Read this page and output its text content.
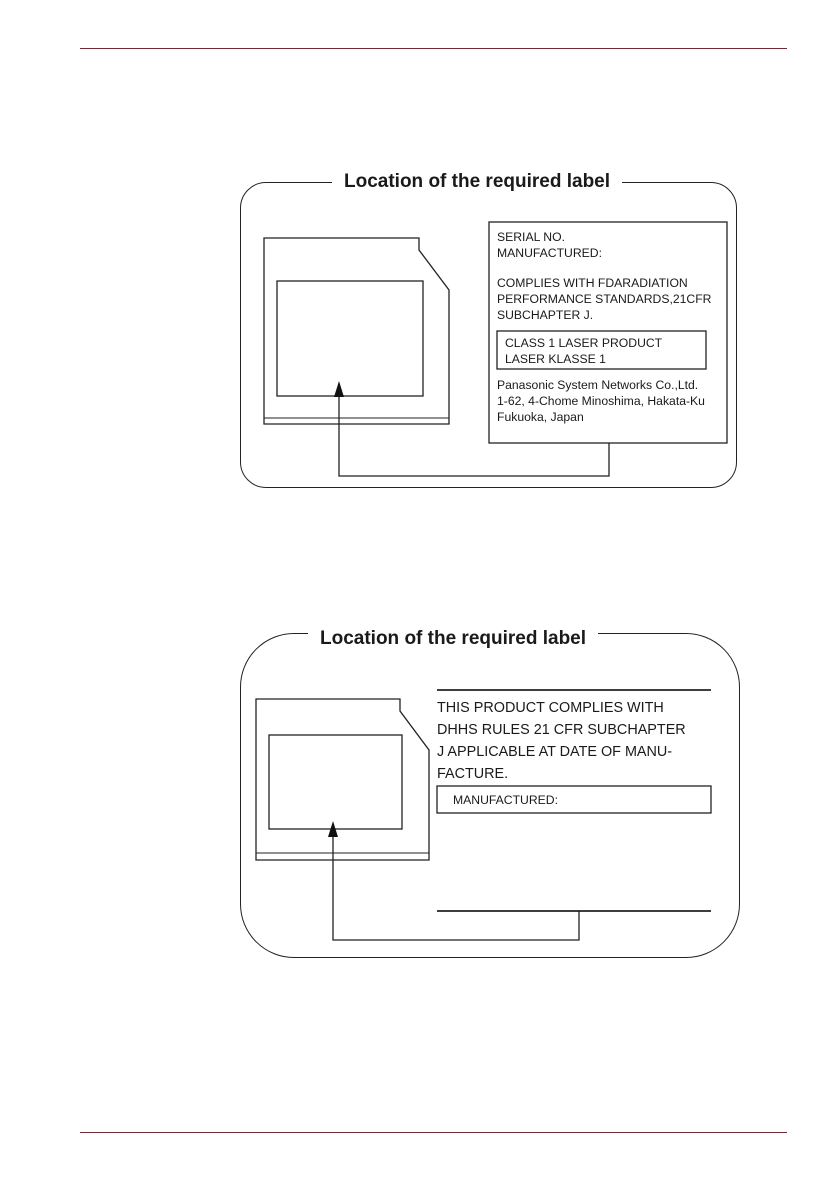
Location of the required label
SERIAL NO.
MANUFACTURED:
COMPLIES WITH FDARADIATION
PERFORMANCE STANDARDS,21CFR
SUBCHAPTER J.
CLASS 1 LASER PRODUCT
LASER KLASSE 1
Panasonic System Networks Co.,Ltd.
1-62, 4-Chome Minoshima, Hakata-Ku
Fukuoka, Japan
Location of the required label
THIS PRODUCT COMPLIES WITH
DHHS RULES 21 CFR SUBCHAPTER
J APPLICABLE AT DATE OF MANU-
FACTURE.
MANUFACTURED:
